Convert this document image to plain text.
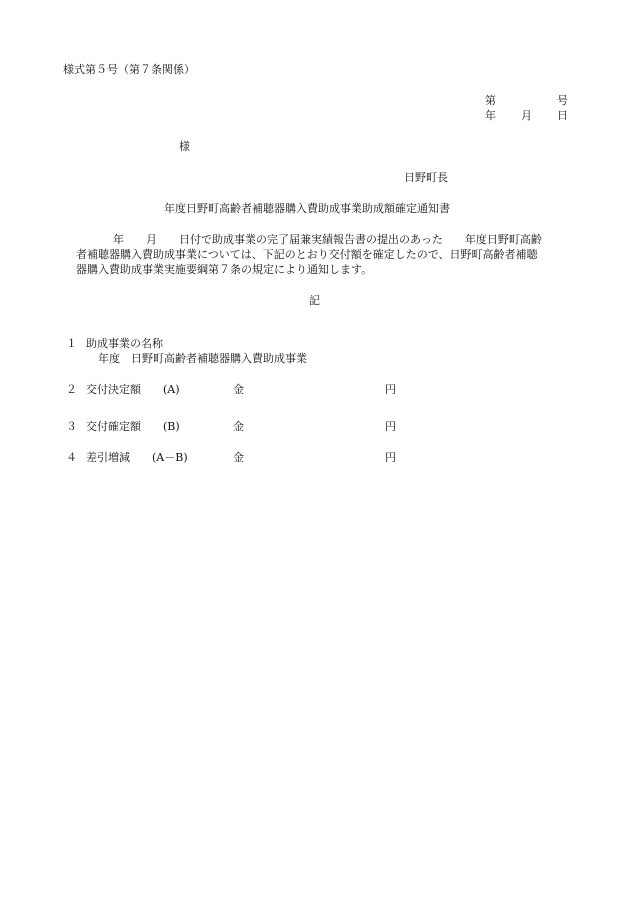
様式第５号（第７条関係）
第	号
年 月 日
様
日野町長
年度日野町高齢者補聴器購入費助成事業助成額確定通知書
年　　月　　日付で助成事業の完了届兼実績報告書の提出のあった　　年度日野町高齢
者補聴器購入費助成事業については、下記のとおり交付額を確定したので、日野町高齢者補聴
器購入費助成事業実施要綱第７条の規定により通知します。
記
１ 助成事業の名称
年度　日野町高齢者補聴器購入費助成事業
２ 交付決定額 (A)	金	円
３ 交付確定額 (B)	金	円
４ 差引増減 (A－B)	金	円
